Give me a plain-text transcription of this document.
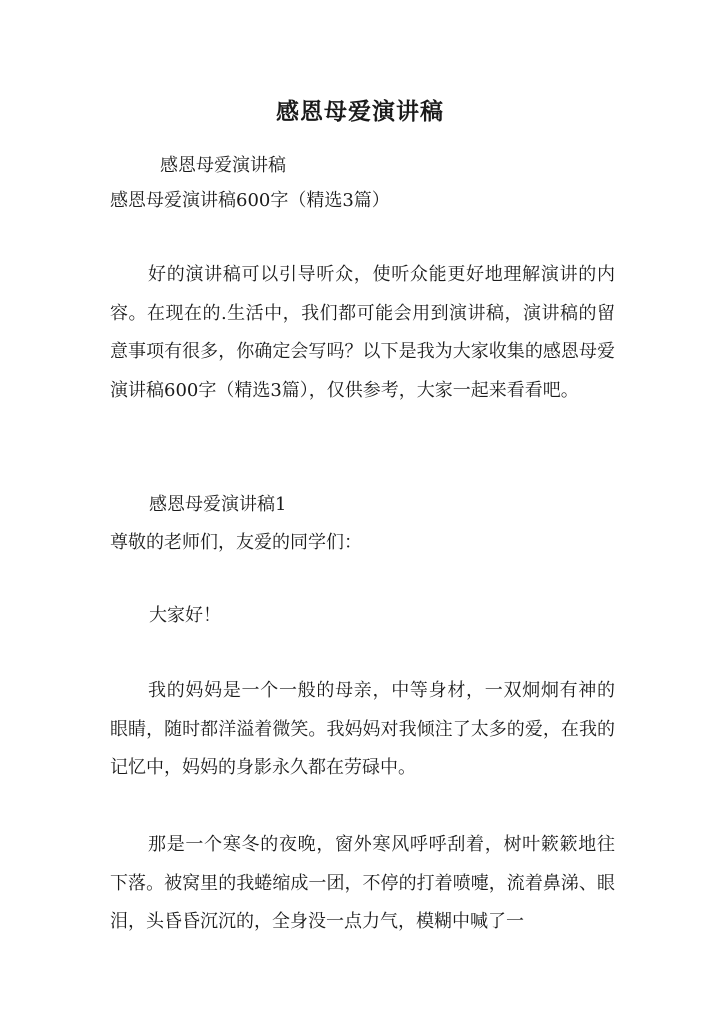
感恩母爱演讲稿
感恩母爱演讲稿
感恩母爱演讲稿600字（精选3篇）
好的演讲稿可以引导听众，使听众能更好地理解演讲的内容。在现在的.生活中，我们都可能会用到演讲稿，演讲稿的留意事项有很多，你确定会写吗？以下是我为大家收集的感恩母爱演讲稿600字（精选3篇），仅供参考，大家一起来看看吧。
感恩母爱演讲稿1
尊敬的老师们，友爱的同学们：
大家好！
我的妈妈是一个一般的母亲，中等身材，一双炯炯有神的眼睛，随时都洋溢着微笑。我妈妈对我倾注了太多的爱，在我的记忆中，妈妈的身影永久都在劳碌中。
那是一个寒冬的夜晚，窗外寒风呼呼刮着，树叶簌簌地往下落。被窝里的我蜷缩成一团，不停的打着喷嚏，流着鼻涕、眼泪，头昏昏沉沉的，全身没一点力气，模糊中喊了一
